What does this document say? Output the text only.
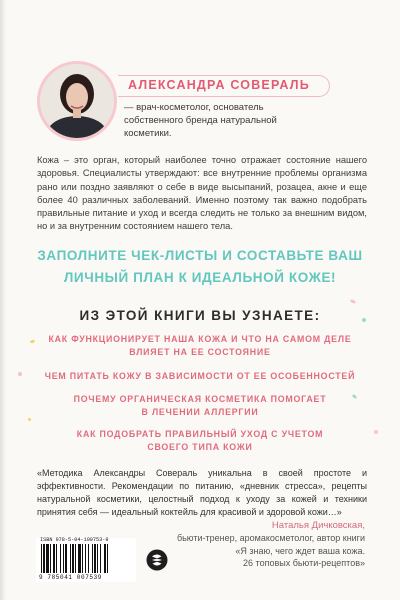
АЛЕКСАНДРА СОВЕРАЛЬ
— врач-косметолог, основатель собственного бренда натуральной косметики.
Кожа – это орган, который наиболее точно отражает состояние нашего здоровья. Специалисты утверждают: все внутренние проблемы организма рано или поздно заявляют о себе в виде высыпаний, розацеа, акне и еще более 40 различных заболеваний. Именно поэтому так важно подобрать правильные питание и уход и всегда следить не только за внешним видом, но и за внутренним состоянием нашего тела.
ЗАПОЛНИТЕ ЧЕК-ЛИСТЫ И СОСТАВЬТЕ ВАШ
ЛИЧНЫЙ ПЛАН К ИДЕАЛЬНОЙ КОЖЕ!
ИЗ ЭТОЙ КНИГИ ВЫ УЗНАЕТЕ:
КАК ФУНКЦИОНИРУЕТ НАША КОЖА И ЧТО НА САМОМ ДЕЛЕ
ВЛИЯЕТ НА ЕЕ СОСТОЯНИЕ
ЧЕМ ПИТАТЬ КОЖУ В ЗАВИСИМОСТИ ОТ ЕЕ ОСОБЕННОСТЕЙ
ПОЧЕМУ ОРГАНИЧЕСКАЯ КОСМЕТИКА ПОМОГАЕТ
В ЛЕЧЕНИИ АЛЛЕРГИИ
КАК ПОДОБРАТЬ ПРАВИЛЬНЫЙ УХОД С УЧЕТОМ
СВОЕГО ТИПА КОЖИ
«Методика Александры Совераль уникальна в своей простоте и эффективности. Рекомендации по питанию, «дневник стресса», рецепты натуральной косметики, целостный подход к уходу за кожей и техники принятия себя — идеальный коктейль для красивой и здоровой кожи…»
Наталья Дичковская,
бьюти-тренер, аромакосметолог, автор книги
«Я знаю, чего ждет ваша кожа.
26 топовых бьюти-рецептов»
ISBN 978-5-04-100753-9
9 785041 007539
